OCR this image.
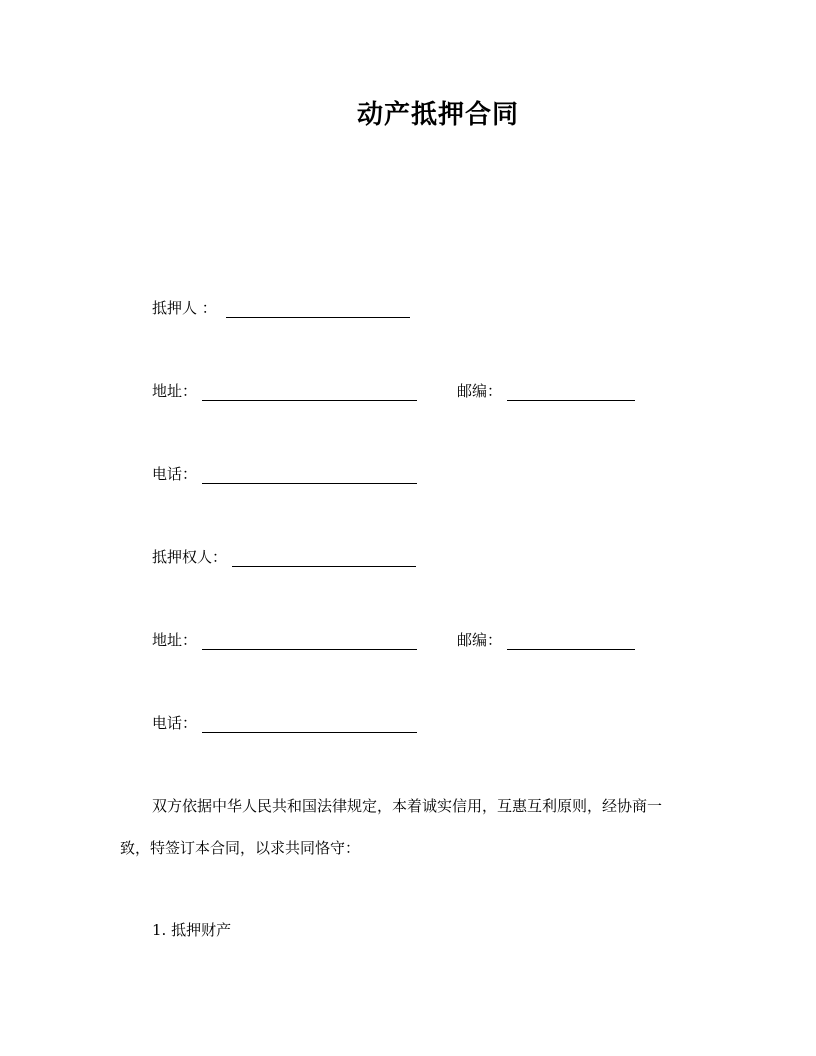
动产抵押合同
抵押人 ：
地址：	邮编：
电话：
抵押权人：
地址：	邮编：
电话：
双方依据中华人民共和国法律规定，本着诚实信用，互惠互利原则，经协商一
致，特签订本合同，以求共同恪守：
1. 抵押财产
